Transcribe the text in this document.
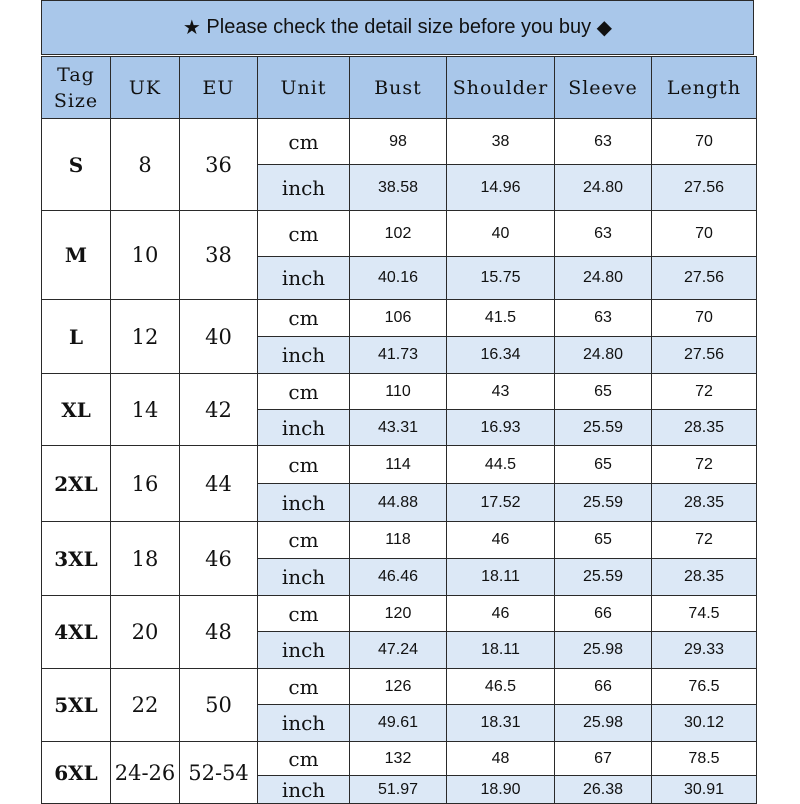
★
Please check the detail size before you buy
◆
Tag
Size	UK	EU	Unit	Bust	Shoulder	Sleeve	Length
S	8	36	cm	98	38	63	70
			inch	38.58	14.96	24.80	27.56
M	10	38	cm	102	40	63	70
			inch	40.16	15.75	24.80	27.56
L	12	40	cm	106	41.5	63	70
			inch	41.73	16.34	24.80	27.56
XL	14	42	cm	110	43	65	72
			inch	43.31	16.93	25.59	28.35
2XL	16	44	cm	114	44.5	65	72
			inch	44.88	17.52	25.59	28.35
3XL	18	46	cm	118	46	65	72
			inch	46.46	18.11	25.59	28.35
4XL	20	48	cm	120	46	66	74.5
			inch	47.24	18.11	25.98	29.33
5XL	22	50	cm	126	46.5	66	76.5
			inch	49.61	18.31	25.98	30.12
6XL	24-26	52-54	cm	132	48	67	78.5
			inch	51.97	18.90	26.38	30.91
